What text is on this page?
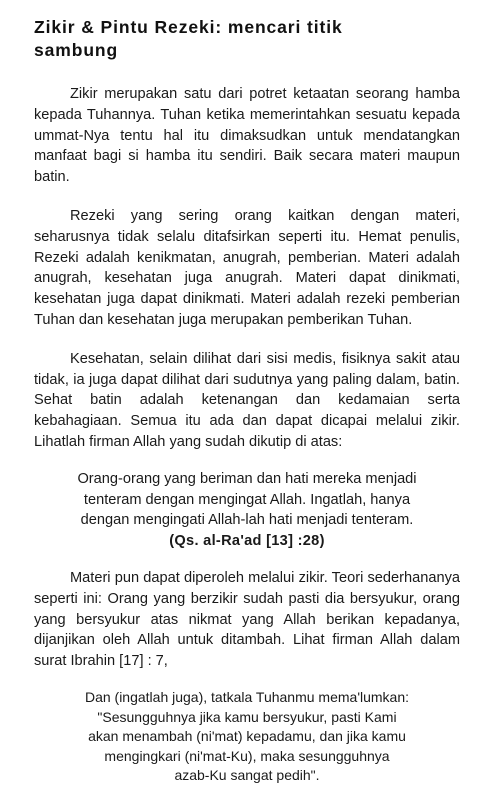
Zikir & Pintu Rezeki: mencari titik
sambung

Zikir merupakan satu dari potret ketaatan seorang hamba kepada Tuhannya. Tuhan ketika memerintahkan sesuatu kepada ummat-Nya tentu hal itu dimaksudkan untuk mendatangkan manfaat bagi si hamba itu sendiri. Baik secara materi maupun batin.

Rezeki yang sering orang kaitkan dengan materi, seharusnya tidak selalu ditafsirkan seperti itu. Hemat penulis, Rezeki adalah kenikmatan, anugrah, pemberian. Materi adalah anugrah, kesehatan juga anugrah. Materi dapat dinikmati, kesehatan juga dapat dinikmati. Materi adalah rezeki pemberian Tuhan dan kesehatan juga merupakan pemberikan Tuhan.

Kesehatan, selain dilihat dari sisi medis, fisiknya sakit atau tidak, ia juga dapat dilihat dari sudutnya yang paling dalam, batin. Sehat batin adalah ketenangan dan kedamaian serta kebahagiaan. Semua itu ada dan dapat dicapai melalui zikir. Lihatlah firman Allah yang sudah dikutip di atas:

Orang-orang yang beriman dan hati mereka menjadi
tenteram dengan mengingat Allah. Ingatlah, hanya
dengan mengingati Allah-lah hati menjadi tenteram.
(Qs. al-Ra'ad [13] :28)

Materi pun dapat diperoleh melalui zikir. Teori sederhananya seperti ini: Orang yang berzikir sudah pasti dia bersyukur, orang yang bersyukur atas nikmat yang Allah berikan kepadanya, dijanjikan oleh Allah untuk ditambah. Lihat firman Allah dalam surat Ibrahin [17] : 7,

Dan (ingatlah juga), tatkala Tuhanmu mema'lumkan:
"Sesungguhnya jika kamu bersyukur, pasti Kami
akan menambah (ni'mat) kepadamu, dan jika kamu
mengingkari (ni'mat-Ku), maka sesungguhnya
azab-Ku sangat pedih".
